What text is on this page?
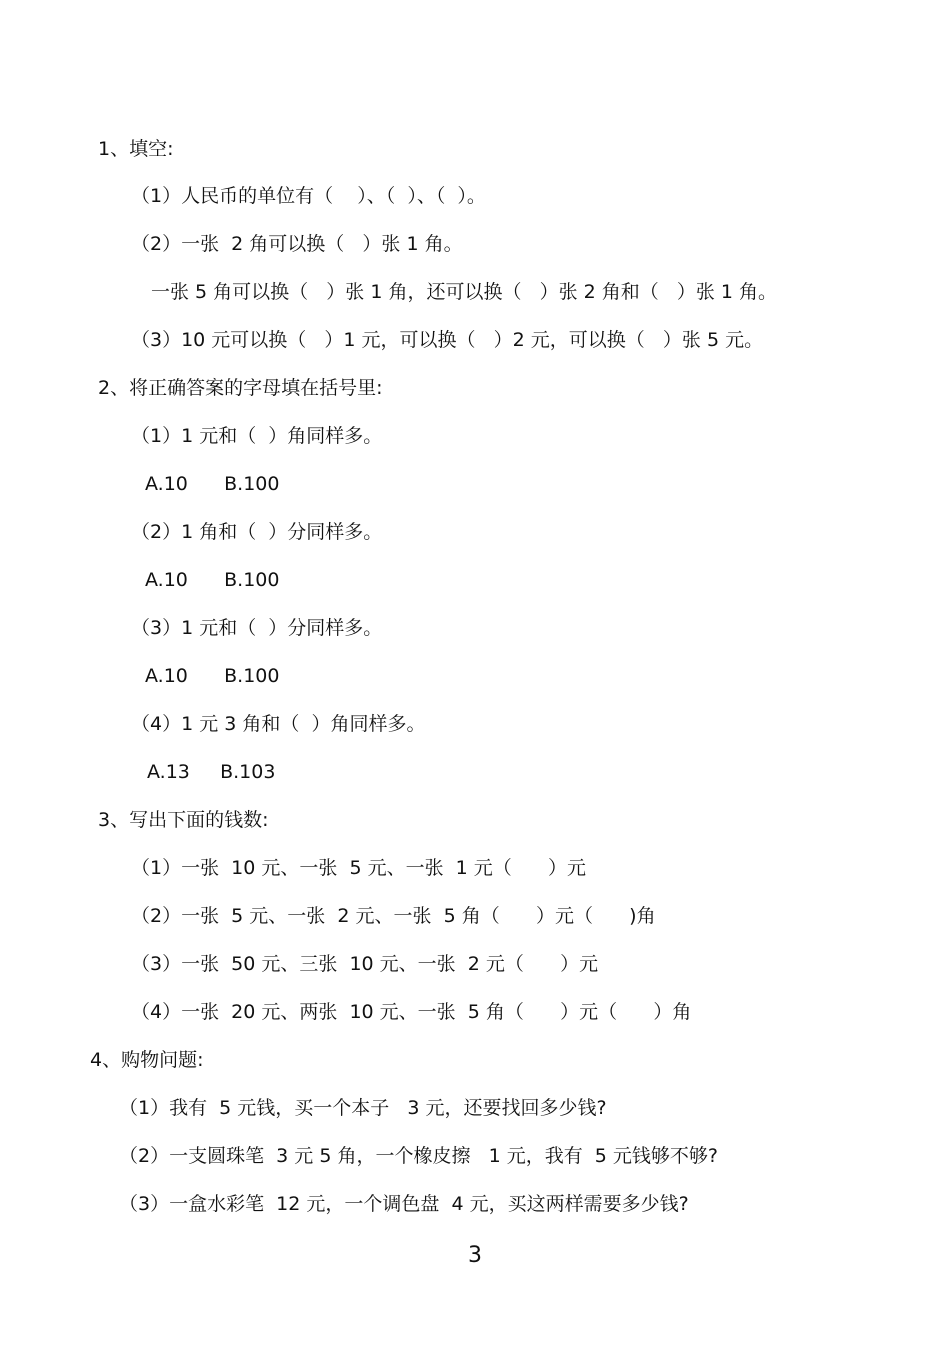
1、填空:
（1）人民币的单位有（    ）、（  ）、（  ）。
（2）一张  2 角可以换（   ）张 1 角。
一张 5 角可以换（   ）张 1 角，还可以换（   ）张 2 角和（   ）张 1 角。
（3）10 元可以换（   ）1 元，可以换（   ）2 元，可以换（   ）张 5 元。
2、将正确答案的字母填在括号里:
（1）1 元和（  ）角同样多。
A.10      B.100
（2）1 角和（  ）分同样多。
A.10      B.100
（3）1 元和（  ）分同样多。
A.10      B.100
（4）1 元 3 角和（  ）角同样多。
A.13     B.103
3、写出下面的钱数:
（1）一张  10 元、一张  5 元、一张  1 元（      ）元
（2）一张  5 元、一张  2 元、一张  5 角（      ）元（      )角
（3）一张  50 元、三张  10 元、一张  2 元（      ）元
（4）一张  20 元、两张  10 元、一张  5 角（      ）元（      ）角
4、购物问题:
（1）我有  5 元钱，买一个本子   3 元，还要找回多少钱?
（2）一支圆珠笔  3 元 5 角，一个橡皮擦   1 元，我有  5 元钱够不够?
（3）一盒水彩笔  12 元，一个调色盘  4 元，买这两样需要多少钱?
3
